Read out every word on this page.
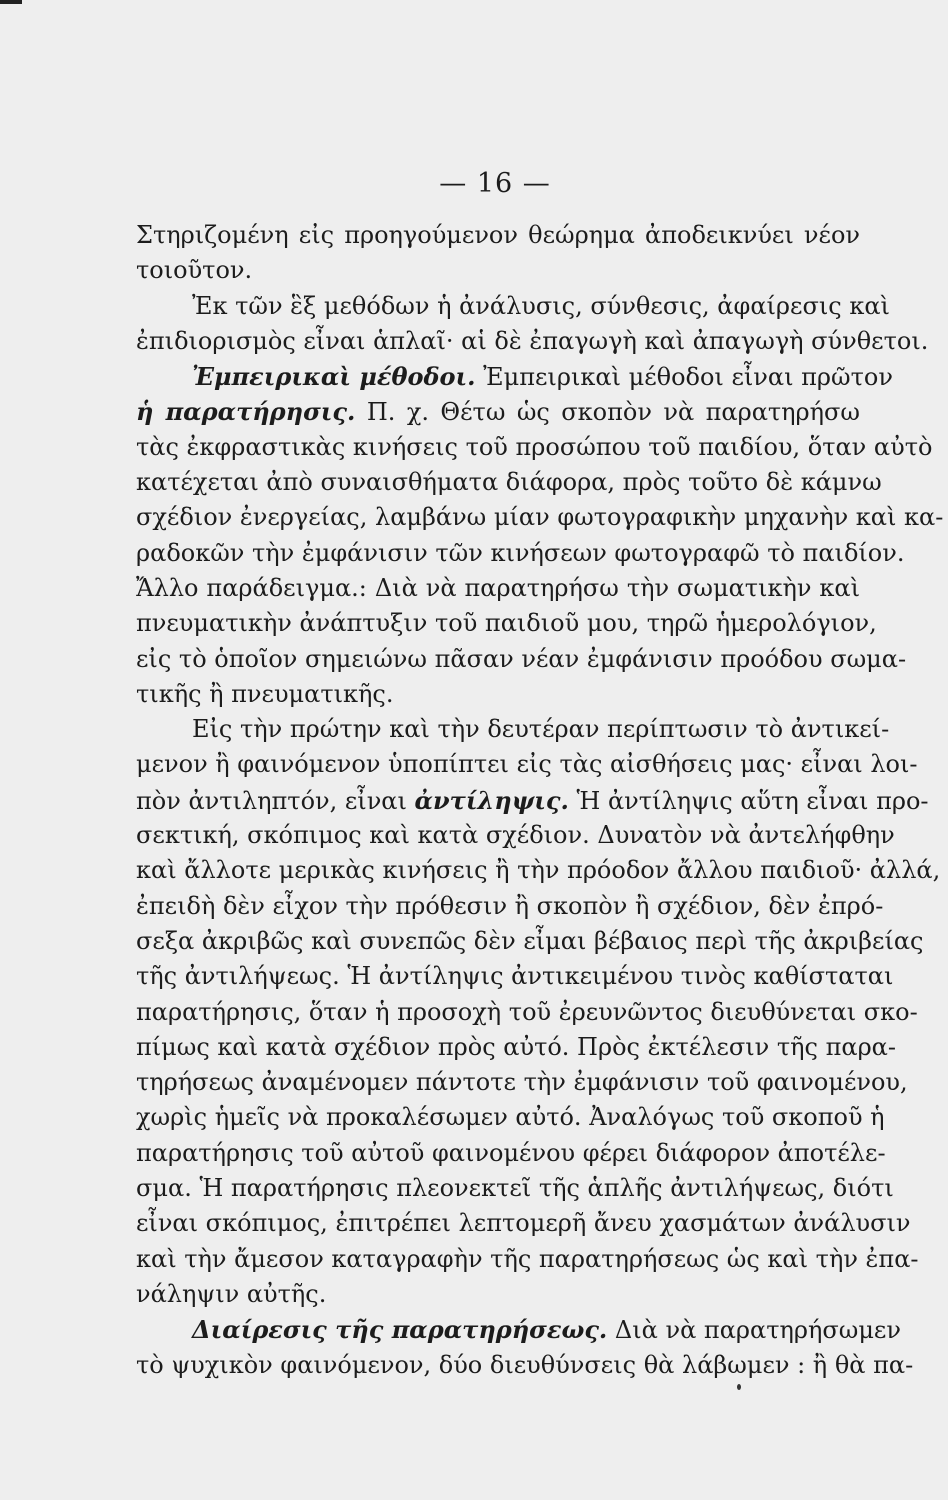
— 16 —
Στηριζομένη εἰς προηγούμενον θεώρημα ἀποδεικνύει νέον
τοιοῦτον.
Ἐκ τῶν ἓξ μεθόδων ἡ ἀνάλυσις, σύνθεσις, ἀφαίρεσις καὶ
ἐπιδιορισμὸς εἶναι ἁπλαῖ· αἱ δὲ ἐπαγωγὴ καὶ ἀπαγωγὴ σύνθετοι.
Ἐμπειρικαὶ μέθοδοι. Ἐμπειρικαὶ μέθοδοι εἶναι πρῶτον
ἡ παρατήρησις. Π. χ. Θέτω ὡς σκοπὸν νὰ παρατηρήσω
τὰς ἐκφραστικὰς κινήσεις τοῦ προσώπου τοῦ παιδίου, ὅταν αὐτὸ
κατέχεται ἀπὸ συναισθήματα διάφορα, πρὸς τοῦτο δὲ κάμνω
σχέδιον ἐνεργείας, λαμβάνω μίαν φωτογραφικὴν μηχανὴν καὶ κα-
ραδοκῶν τὴν ἐμφάνισιν τῶν κινήσεων φωτογραφῶ τὸ παιδίον.
Ἄλλο παράδειγμα.: Διὰ νὰ παρατηρήσω τὴν σωματικὴν καὶ
πνευματικὴν ἀνάπτυξιν τοῦ παιδιοῦ μου, τηρῶ ἡμερολόγιον,
εἰς τὸ ὁποῖον σημειώνω πᾶσαν νέαν ἐμφάνισιν προόδου σωμα-
τικῆς ἢ πνευματικῆς.
Εἰς τὴν πρώτην καὶ τὴν δευτέραν περίπτωσιν τὸ ἀντικεί-
μενον ἢ φαινόμενον ὑποπίπτει εἰς τὰς αἰσθήσεις μας· εἶναι λοι-
πὸν ἀντιληπτόν, εἶναι ἀντίληψις. Ἡ ἀντίληψις αὕτη εἶναι προ-
σεκτική, σκόπιμος καὶ κατὰ σχέδιον. Δυνατὸν νὰ ἀντελήφθην
καὶ ἄλλοτε μερικὰς κινήσεις ἢ τὴν πρόοδον ἄλλου παιδιοῦ· ἀλλά,
ἐπειδὴ δὲν εἶχον τὴν πρόθεσιν ἢ σκοπὸν ἢ σχέδιον, δὲν ἐπρό-
σεξα ἀκριβῶς καὶ συνεπῶς δὲν εἶμαι βέβαιος περὶ τῆς ἀκριβείας
τῆς ἀντιλήψεως. Ἡ ἀντίληψις ἀντικειμένου τινὸς καθίσταται
παρατήρησις, ὅταν ἡ προσοχὴ τοῦ ἐρευνῶντος διευθύνεται σκο-
πίμως καὶ κατὰ σχέδιον πρὸς αὐτό. Πρὸς ἐκτέλεσιν τῆς παρα-
τηρήσεως ἀναμένομεν πάντοτε τὴν ἐμφάνισιν τοῦ φαινομένου,
χωρὶς ἡμεῖς νὰ προκαλέσωμεν αὐτό. Ἀναλόγως τοῦ σκοποῦ ἡ
παρατήρησις τοῦ αὐτοῦ φαινομένου φέρει διάφορον ἀποτέλε-
σμα. Ἡ παρατήρησις πλεονεκτεῖ τῆς ἁπλῆς ἀντιλήψεως, διότι
εἶναι σκόπιμος, ἐπιτρέπει λεπτομερῆ ἄνευ χασμάτων ἀνάλυσιν
καὶ τὴν ἄμεσον καταγραφὴν τῆς παρατηρήσεως ὡς καὶ τὴν ἐπα-
νάληψιν αὐτῆς.
Διαίρεσις τῆς παρατηρήσεως. Διὰ νὰ παρατηρήσωμεν
τὸ ψυχικὸν φαινόμενον, δύο διευθύνσεις θὰ λάβωμεν : ἢ θὰ πα-
